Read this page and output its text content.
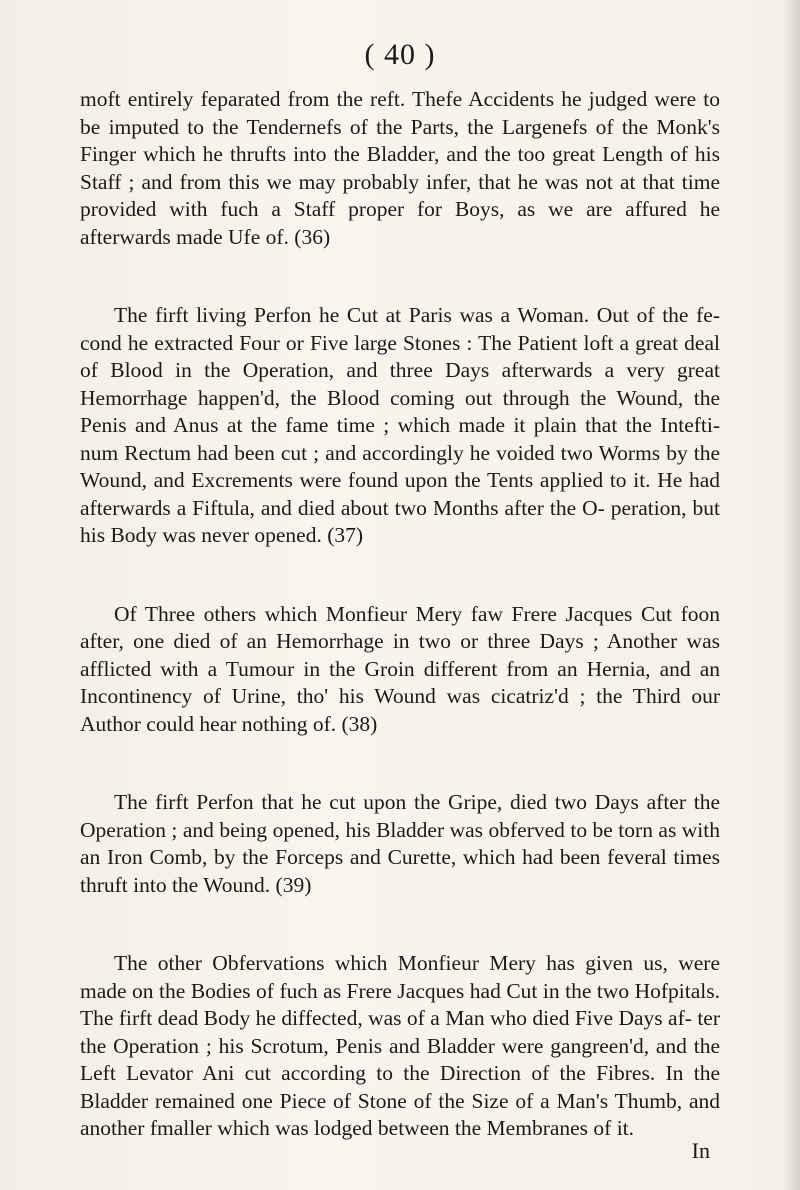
( 40 )

moft entirely feparated from the reft. Thefe Accidents he judged were to be imputed to the Tendernefs of the Parts, the Largenefs of the Monk's Finger which he thrufts into the Bladder, and the too great Length of his Staff ; and from this we may probably infer, that he was not at that time provided with fuch a Staff proper for Boys, as we are affured he afterwards made Ufe of. (36)

The firft living Perfon he Cut at Paris was a Woman. Out of the fe- cond he extracted Four or Five large Stones : The Patient loft a great deal of Blood in the Operation, and three Days afterwards a very great Hemorrhage happen'd, the Blood coming out through the Wound, the Penis and Anus at the fame time ; which made it plain that the Intefti- num Rectum had been cut ; and accordingly he voided two Worms by the Wound, and Excrements were found upon the Tents applied to it. He had afterwards a Fiftula, and died about two Months after the O- peration, but his Body was never opened. (37)

Of Three others which Monfieur Mery faw Frere Jacques Cut foon after, one died of an Hemorrhage in two or three Days ; Another was afflicted with a Tumour in the Groin different from an Hernia, and an Incontinency of Urine, tho' his Wound was cicatriz'd ; the Third our Author could hear nothing of. (38)

The firft Perfon that he cut upon the Gripe, died two Days after the Operation ; and being opened, his Bladder was obferved to be torn as with an Iron Comb, by the Forceps and Curette, which had been feveral times thruft into the Wound. (39)

The other Obfervations which Monfieur Mery has given us, were made on the Bodies of fuch as Frere Jacques had Cut in the two Hofpitals. The firft dead Body he diffected, was of a Man who died Five Days af- ter the Operation ; his Scrotum, Penis and Bladder were gangreen'd, and the Left Levator Ani cut according to the Direction of the Fibres. In the Bladder remained one Piece of Stone of the Size of a Man's Thumb, and another fmaller which was lodged between the Membranes of it.

In
